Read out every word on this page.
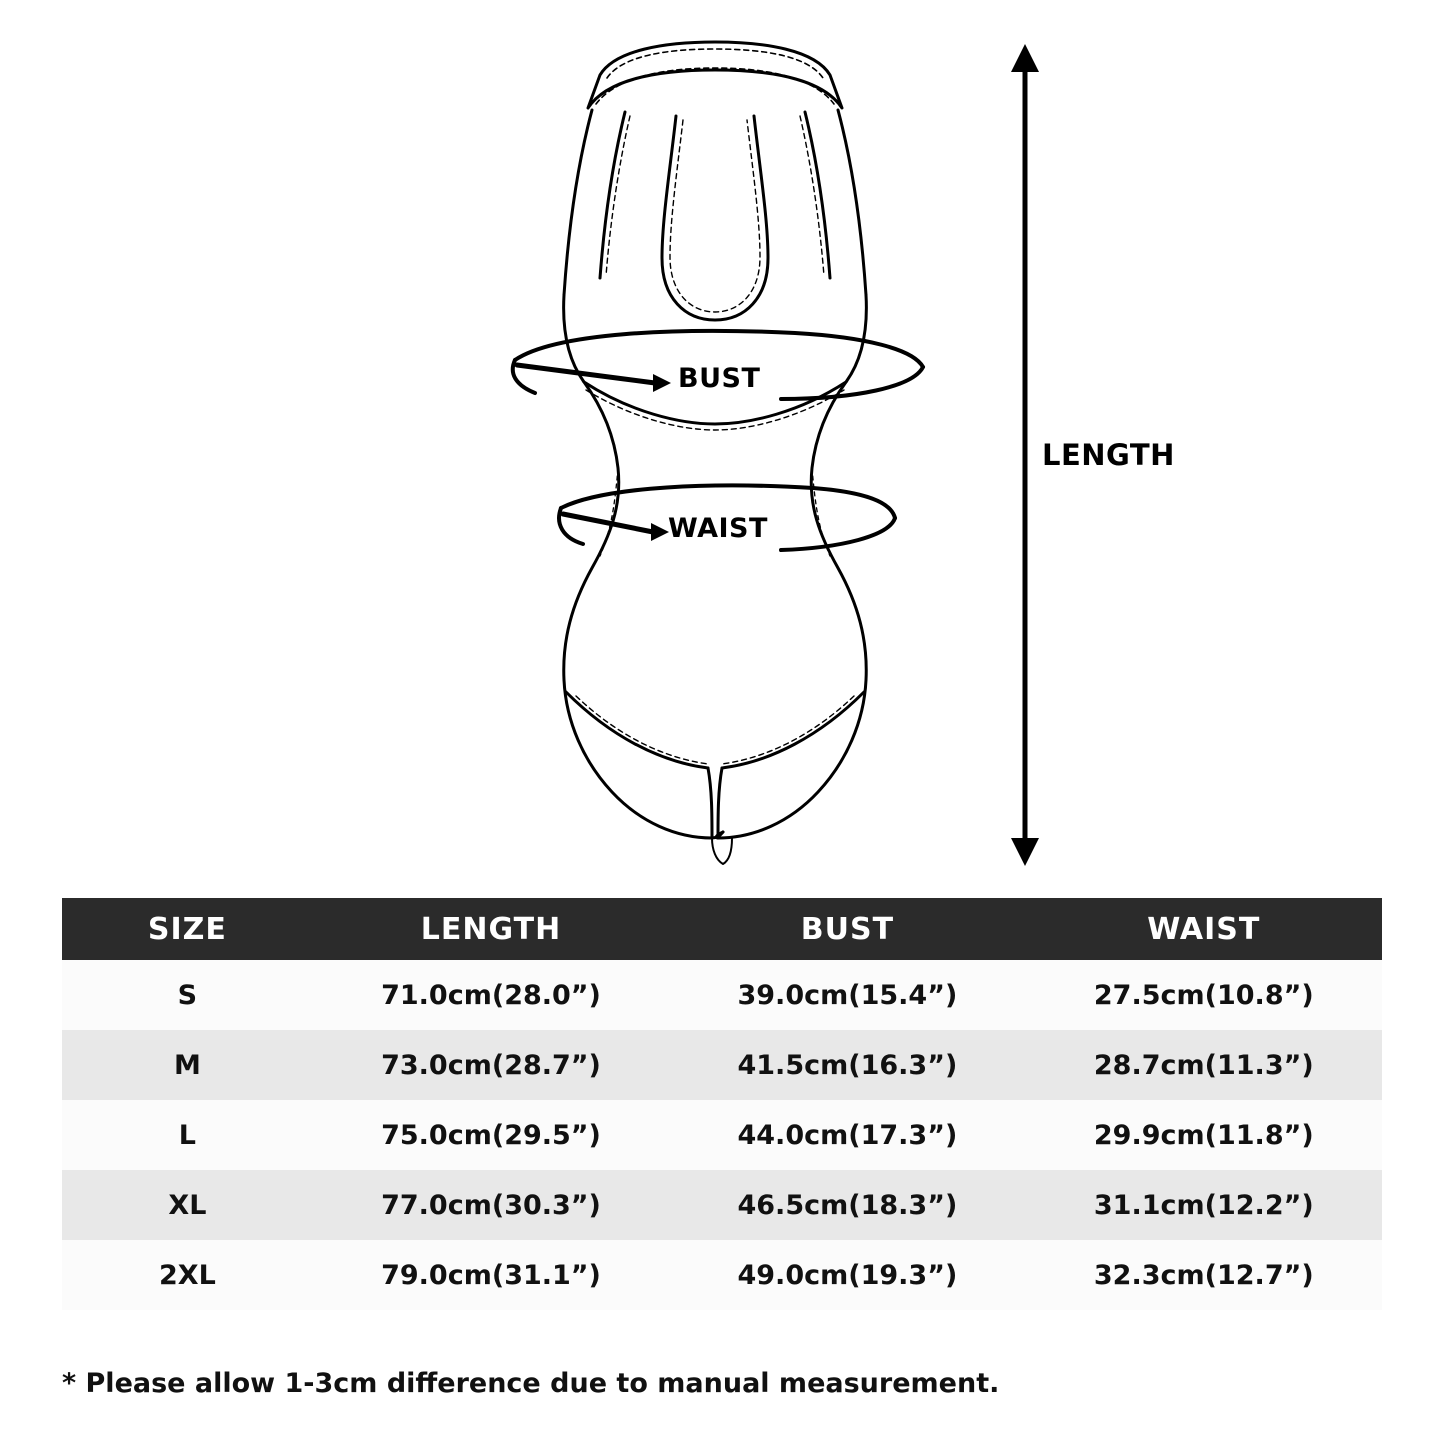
BUST
WAIST
LENGTH
SIZE	LENGTH	BUST	WAIST
S	71.0cm(28.0”)	39.0cm(15.4”)	27.5cm(10.8”)
M	73.0cm(28.7”)	41.5cm(16.3”)	28.7cm(11.3”)
L	75.0cm(29.5”)	44.0cm(17.3”)	29.9cm(11.8”)
XL	77.0cm(30.3”)	46.5cm(18.3”)	31.1cm(12.2”)
2XL	79.0cm(31.1”)	49.0cm(19.3”)	32.3cm(12.7”)
* Please allow 1-3cm difference due to manual measurement.
